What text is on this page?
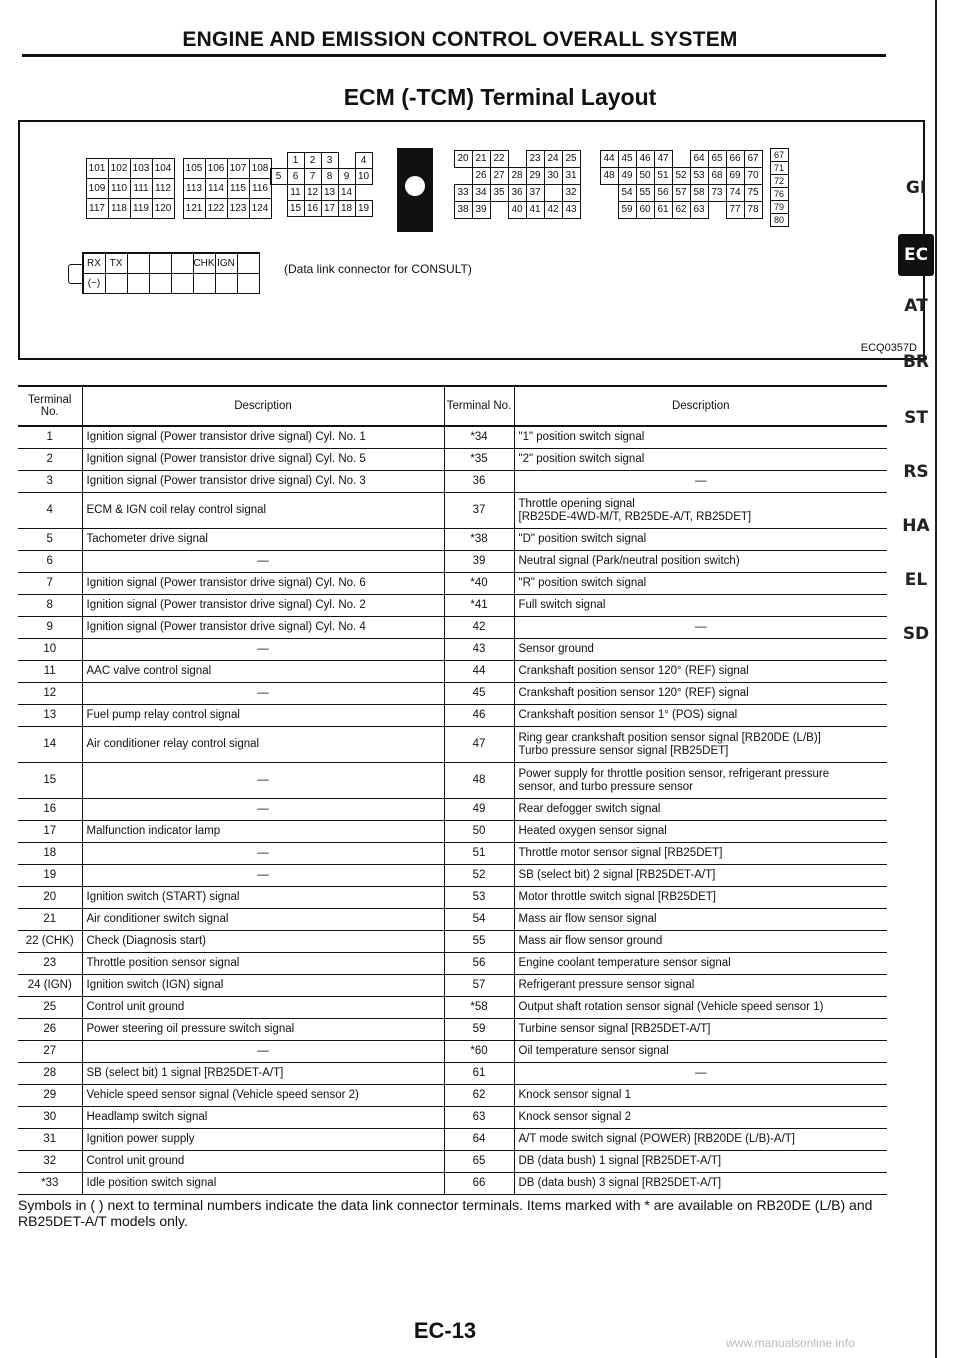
ENGINE AND EMISSION CONTROL OVERALL SYSTEM
ECM (-TCM) Terminal Layout
101 102 103 104
109 110 111 112
117 118 119 120
105 106 107 108
113 114 115 116
121 122 123 124
1	2	3	4
5	6	7	8	9 10
11 12 13 14
15 16 17 18 19
20 21 22	23 24 25
26 27 28 29 30 31
33 34 35 36 37	32
38 39	40 41 42 43
44 45 46 47	64 65 66 67
48 49 50 51 52 53 68 69 70
54 55 56 57 58 73 74 75
59 60 61 62 63	77 78
RX TX	CHK IGN
(−)
(Data link connector for CONSULT)
ECQ0357D
67
71
72
76
79
80
GI
EC
AT
BR
ST
RS
HA
EL
SD
Terminal No.	Description	Terminal No.	Description
1	Ignition signal (Power transistor drive signal) Cyl. No. 1	*34	"1" position switch signal
2	Ignition signal (Power transistor drive signal) Cyl. No. 5	*35	"2" position switch signal
3	Ignition signal (Power transistor drive signal) Cyl. No. 3	36	—

4	ECM & IGN coil relay control signal	37	Throttle opening signal
[RB25DE-4WD-M/T, RB25DE-A/T, RB25DET]
5	Tachometer drive signal	*38	"D" position switch signal
6	—	39	Neutral signal (Park/neutral position switch)
7	Ignition signal (Power transistor drive signal) Cyl. No. 6	*40	"R" position switch signal
8	Ignition signal (Power transistor drive signal) Cyl. No. 2	*41	Full switch signal
9	Ignition signal (Power transistor drive signal) Cyl. No. 4	42	—

10	—	43	Sensor ground
11	AAC valve control signal	44	Crankshaft position sensor 120° (REF) signal
12	—	45	Crankshaft position sensor 120° (REF) signal
13	Fuel pump relay control signal	46	Crankshaft position sensor 1° (POS) signal
14	Air conditioner relay control signal	47	Ring gear crankshaft position sensor signal [RB20DE (L/B)]
Turbo pressure sensor signal [RB25DET]
15	—	48	Power supply for throttle position sensor, refrigerant pressure
sensor, and turbo pressure sensor
16	—	49	Rear defogger switch signal
17	Malfunction indicator lamp	50	Heated oxygen sensor signal
18	—	51	Throttle motor sensor signal [RB25DET]
19	—	52	SB (select bit) 2 signal [RB25DET-A/T]
20	Ignition switch (START) signal	53	Motor throttle switch signal [RB25DET]
21	Air conditioner switch signal	54	Mass air flow sensor signal
22 (CHK)	Check (Diagnosis start)	55	Mass air flow sensor ground
23	Throttle position sensor signal	56	Engine coolant temperature sensor signal
24 (IGN)	Ignition switch (IGN) signal	57	Refrigerant pressure sensor signal
25	Control unit ground	*58	Output shaft rotation sensor signal (Vehicle speed sensor 1)
26	Power steering oil pressure switch signal	59	Turbine sensor signal [RB25DET-A/T]
27	—	*60	Oil temperature sensor signal
28	SB (select bit) 1 signal [RB25DET-A/T]	61	—

29	Vehicle speed sensor signal (Vehicle speed sensor 2)	62	Knock sensor signal 1
30	Headlamp switch signal	63	Knock sensor signal 2
31	Ignition power supply	64	A/T mode switch signal (POWER) [RB20DE (L/B)-A/T]
32	Control unit ground	65	DB (data bush) 1 signal [RB25DET-A/T]
*33	Idle position switch signal	66	DB (data bush) 3 signal [RB25DET-A/T]
Symbols in ( ) next to terminal numbers indicate the data link connector terminals. Items marked with * are available on RB20DE (L/B) and RB25DET-A/T models only.
EC-13	www.manualsonline.info
